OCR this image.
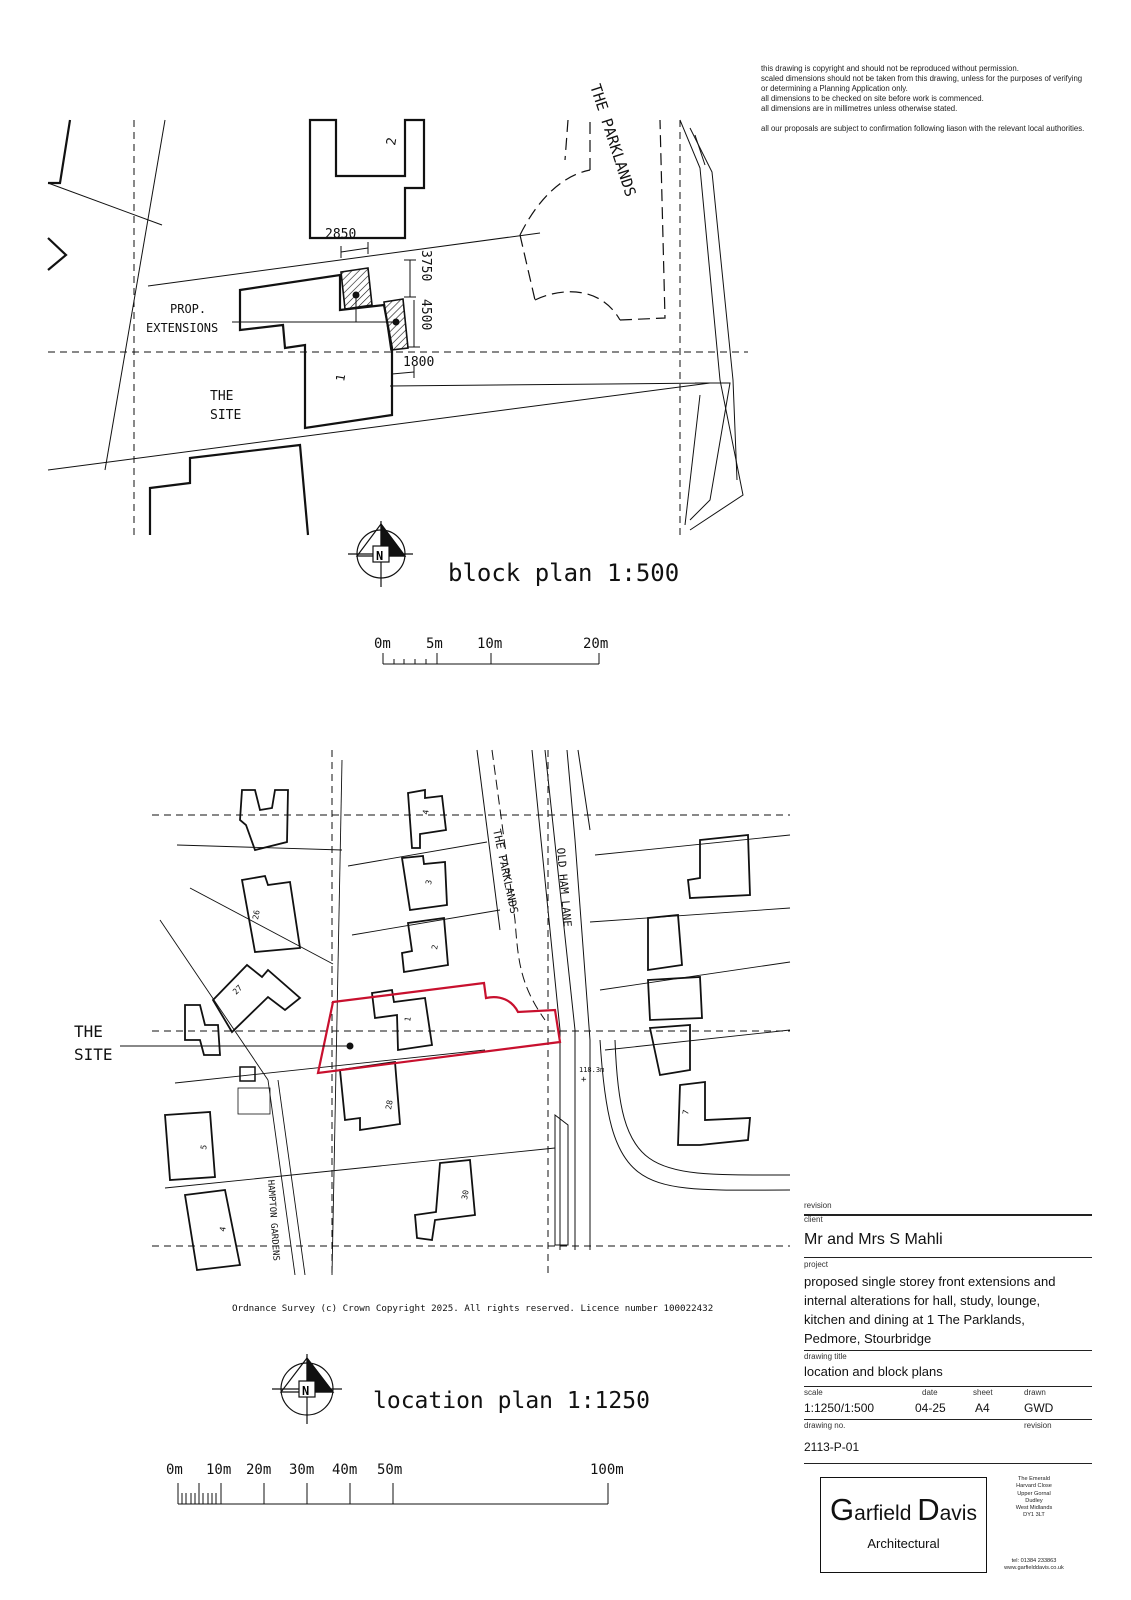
THE PARKLANDS
THE
SITE
PROP.
EXTENSIONS
2
1
2850
3750
4500
1800
N
block plan 1:500
0m	5m 10m	20m
THE PARKLANDS	OLD HAM LANE
HAMPTON GARDENS
118.3m
+
4
3
2
1
26
27
28
30
5
4
7
THE
SITE
Ordnance Survey (c) Crown Copyright 2025. All rights reserved. Licence number 100022432
N	location plan 1:1250
0m 10m 20m 30m 40m 50m	100m

this drawing is copyright and should not be reproduced without permission.

scaled dimensions should not be taken from this drawing, unless for the purposes of verifying or determining a Planning Application only.

all dimensions to be checked on site before work is commenced.

all dimensions are in millimetres unless otherwise stated.

all our proposals are subject to confirmation following liason with the relevant local authorities.

revision
client
Mr and Mrs S Mahli
project
proposed single storey front extensions and
internal alterations for hall, study, lounge,
kitchen and dining at 1 The Parklands,
Pedmore, Stourbridge
drawing title
location and block plans
scale	date	sheet	drawn
1:1250/1:500	04-25 A4	GWD
drawing no.	revision
2113-P-01
Garfield Davis
Architectural
The Emerald
Harvard Close
Upper Gornal
Dudley
West Midlands
DY1 3LT
tel: 01384 233863
www.garfielddavis.co.uk
